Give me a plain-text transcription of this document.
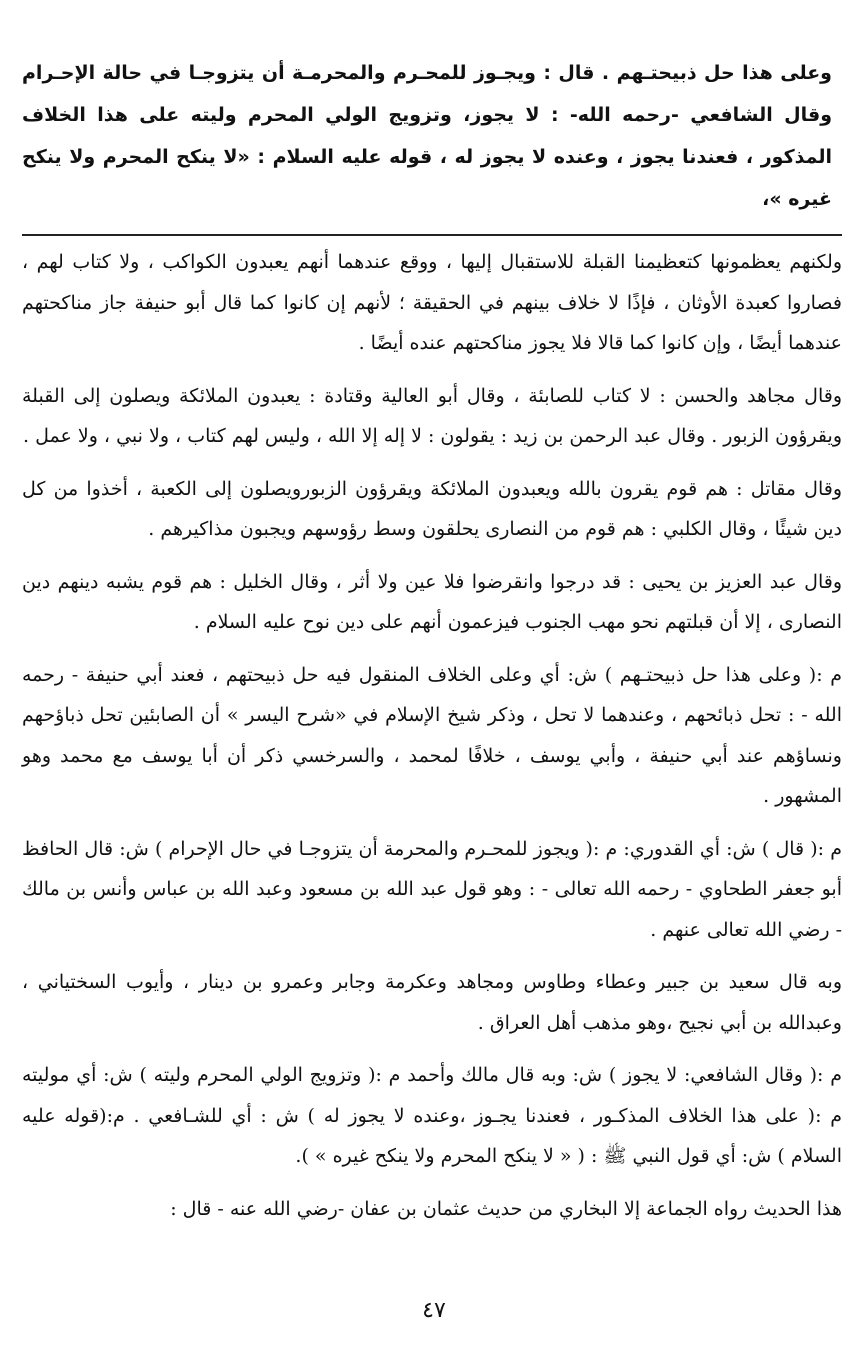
وعلى هذا حل ذبيحتـهم . قال : ويجـوز للمحـرم والمحرمـة أن يتزوجـا في حالة الإحـرام وقال الشافعي -رحمه الله- : لا يجوز، وتزويج الولي المحرم وليته على هذا الخلاف المذكور ، فعندنا يجوز ، وعنده لا يجوز له ، قوله عليه السلام : «لا ينكح المحرم ولا ينكح غيره »،

ولكنهم يعظمونها كتعظيمنا القبلة للاستقبال إليها ، ووقع عندهما أنهم يعبدون الكواكب ، ولا كتاب لهم ، فصاروا كعبدة الأوثان ، فإذًا لا خلاف بينهم في الحقيقة ؛ لأنهم إن كانوا كما قال أبو حنيفة جاز مناكحتهم عندهما أيضًا ، وإن كانوا كما قالا فلا يجوز مناكحتهم عنده أيضًا .

وقال مجاهد والحسن : لا كتاب للصابئة ، وقال أبو العالية وقتادة : يعبدون الملائكة ويصلون إلى القبلة ويقرؤون الزبور . وقال عبد الرحمن بن زيد : يقولون : لا إله إلا الله ، وليس لهم كتاب ، ولا نبي ، ولا عمل .

وقال مقاتل : هم قوم يقرون بالله ويعبدون الملائكة ويقرؤون الزبورويصلون إلى الكعبة ، أخذوا من كل دين شيئًا ، وقال الكلبي : هم قوم من النصارى يحلقون وسط رؤوسهم ويجبون مذاكيرهم .

وقال عبد العزيز بن يحيى : قد درجوا وانقرضوا فلا عين ولا أثر ، وقال الخليل : هم قوم يشبه دينهم دين النصارى ، إلا أن قبلتهم نحو مهب الجنوب فيزعمون أنهم على دين نوح عليه السلام .

م :( وعلى هذا حل ذبيحتـهم ) ش: أي وعلى الخلاف المنقول فيه حل ذبيحتهم ، فعند أبي حنيفة - رحمه الله - : تحل ذبائحهم ، وعندهما لا تحل ، وذكر شيخ الإسلام في «شرح اليسر » أن الصابئين تحل ذباؤحهم ونساؤهم عند أبي حنيفة ، وأبي يوسف ، خلافًا لمحمد ، والسرخسي ذكر أن أبا يوسف مع محمد وهو المشهور .

م :( قال ) ش: أي القدوري: م :( ويجوز للمحـرم والمحرمة أن يتزوجـا في حال الإحرام ) ش: قال الحافظ أبو جعفر الطحاوي - رحمه الله تعالى - : وهو قول عبد الله بن مسعود وعبد الله بن عباس وأنس بن مالك - رضي الله تعالى عنهم .

وبه قال سعيد بن جبير وعطاء وطاوس ومجاهد وعكرمة وجابر وعمرو بن دينار ، وأيوب السختياني ، وعبدالله بن أبي نجيح ،وهو مذهب أهل العراق .

م :( وقال الشافعي: لا يجوز ) ش: وبه قال مالك وأحمد م :( وتزويج الولي المحرم وليته ) ش: أي موليته م :( على هذا الخلاف المذكـور ، فعندنا يجـوز ،وعنده لا يجوز له ) ش : أي للشـافعي . م:(قوله عليه السلام ) ش: أي قول النبي ﷺ : ( « لا ينكح المحرم ولا ينكح غيره » ).

هذا الحديث رواه الجماعة إلا البخاري من حديث عثمان بن عفان -رضي الله عنه - قال :

٤٧
